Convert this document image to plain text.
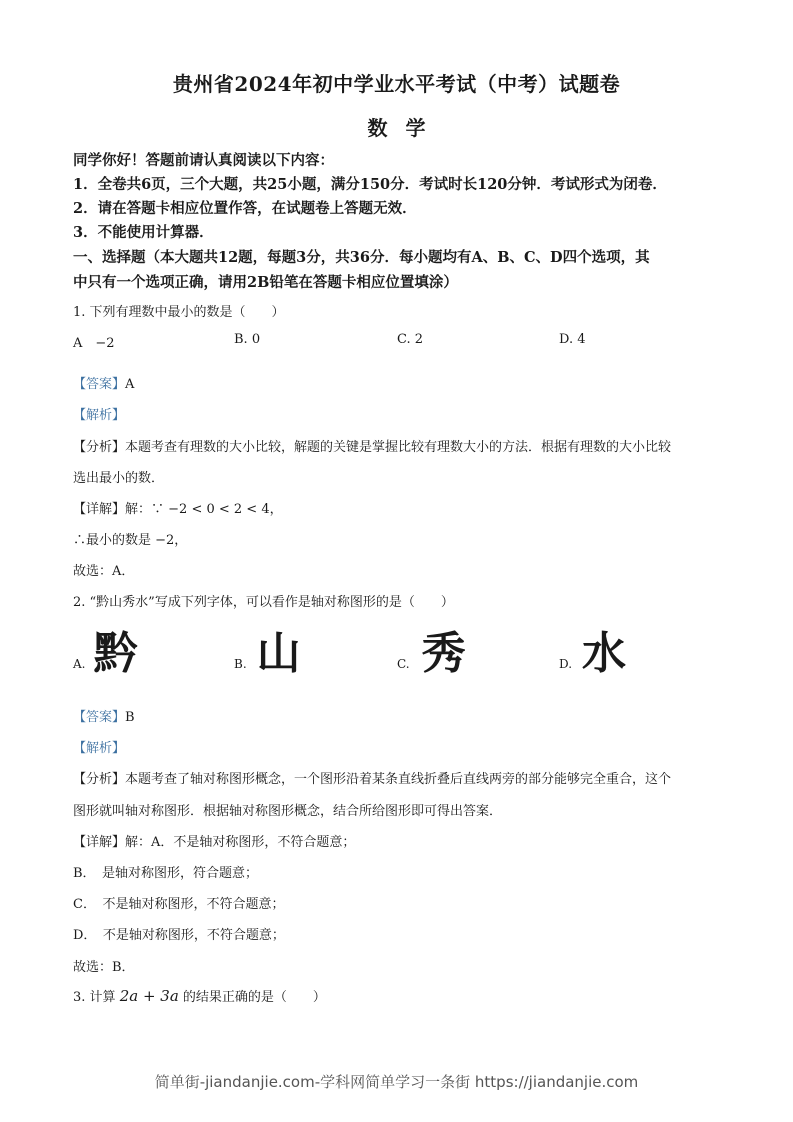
贵州省2024年初中学业水平考试（中考）试题卷
数学
同学你好！答题前请认真阅读以下内容：
1．全卷共6页，三个大题，共25小题，满分150分．考试时长120分钟．考试形式为闭卷．
2．请在答题卡相应位置作答，在试题卷上答题无效．
3．不能使用计算器．
一、选择题（本大题共12题，每题3分，共36分．每小题均有A、B、C、D四个选项，其
中只有一个选项正确，请用2B铅笔在答题卡相应位置填涂）
1. 下列有理数中最小的数是（　　）
A　−2	B. 0	C. 2	D. 4
【答案】A
【解析】
【分析】本题考查有理数的大小比较，解题的关键是掌握比较有理数大小的方法．根据有理数的大小比较
选出最小的数．
【详解】解：∵ −2 < 0 < 2 < 4，
∴最小的数是 −2，
故选：A．
2. “黔山秀水”写成下列字体，可以看作是轴对称图形的是（　　）
A. 黔	B. 山	C. 秀	D. 水
【答案】B
【解析】
【分析】本题考查了轴对称图形概念，一个图形沿着某条直线折叠后直线两旁的部分能够完全重合，这个
图形就叫轴对称图形．根据轴对称图形概念，结合所给图形即可得出答案．
【详解】解：A．不是轴对称图形，不符合题意；
B．　是轴对称图形，符合题意；
C．　不是轴对称图形，不符合题意；
D．　不是轴对称图形，不符合题意；
故选：B．
3. 计算 2a + 3a 的结果正确的是（　　）
简单街-jiandanjie.com-学科网简单学习一条街 https://jiandanjie.com
